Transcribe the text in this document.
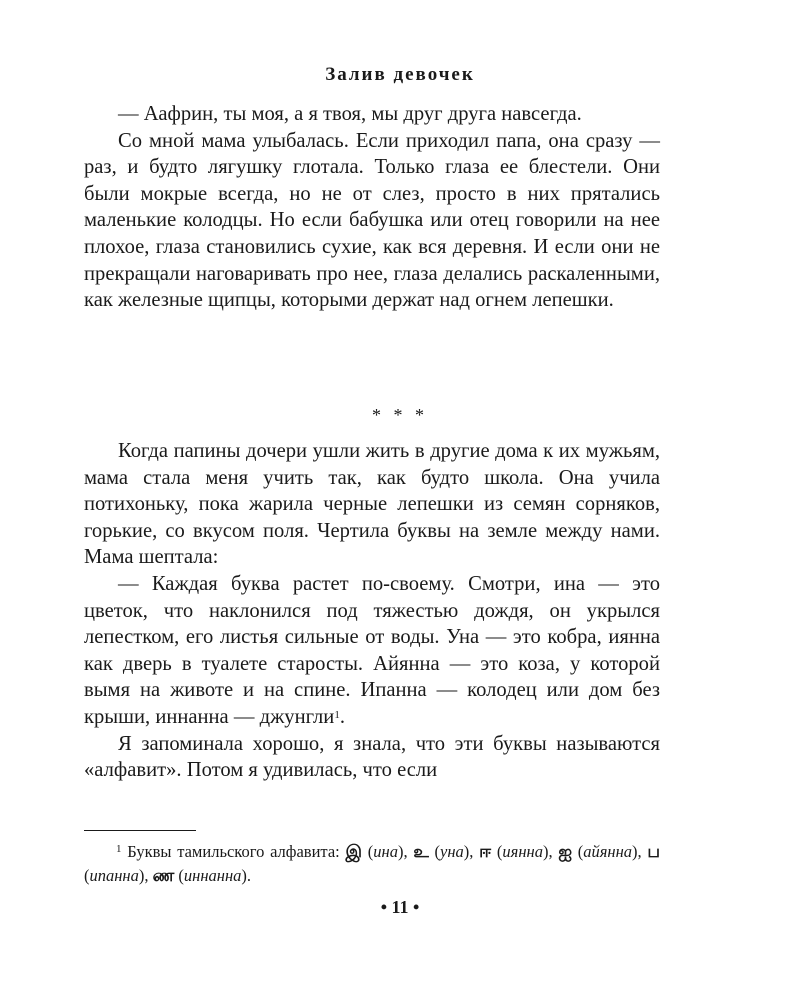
Залив девочек

— Аафрин, ты моя, а я твоя, мы друг друга навсегда.

Со мной мама улыбалась. Если приходил папа, она сразу — раз, и будто лягушку глотала. Только глаза ее блестели. Они были мокрые всегда, но не от слез, просто в них прятались маленькие колодцы. Но если бабушка или отец говорили на нее плохое, глаза становились сухие, как вся деревня. И если они не прекращали наговаривать про нее, глаза делались раскаленными, как железные щипцы, которыми держат над огнем лепешки.

* * *

Когда папины дочери ушли жить в другие дома к их мужьям, мама стала меня учить так, как будто школа. Она учила потихоньку, пока жарила черные лепешки из семян сорняков, горькие, со вкусом поля. Чертила буквы на земле между нами. Мама шептала:

— Каждая буква растет по-своему. Смотри, ина — это цветок, что наклонился под тяжестью дождя, он укрылся лепестком, его листья сильные от воды. Уна — это кобра, иянна как дверь в туалете старосты. Айянна — это коза, у которой вымя на животе и на спине. Ипанна — колодец или дом без крыши, иннанна — джунгли$^1$.

Я запоминала хорошо, я знала, что эти буквы называются «алфавит». Потом я удивилась, что если

$^1$ Буквы тамильского алфавита: இ (ина), உ (уна), ஈ (иянна), ஐ (айянна), ப (ипанна), ண (иннанна).
• 11 •
